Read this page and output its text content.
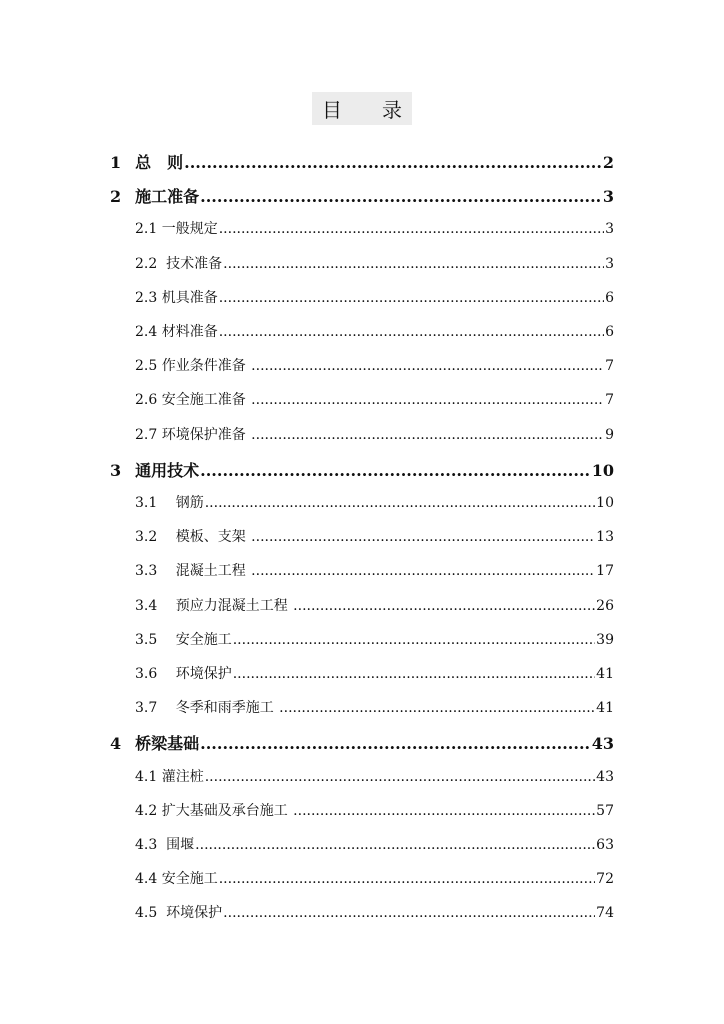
目　　录
1 总　则 .....	2
2 施工准备 .....	3
2.1 一般规定 .....	3
2.2 技术准备 .....	3
2.3 机具准备 .....	6
2.4 材料准备 .....	6
2.5 作业条件准备 .....	7
2.6 安全施工准备 .....	7
2.7 环境保护准备 .....	9
3 通用技术 .....	10
3.1 　钢筋 .....	10
3.2 　模板、支架 .....	13
3.3 　混凝土工程 .....	17
3.4 　预应力混凝土工程 .....	26
3.5 　安全施工 .....	39
3.6 　环境保护 .....	41
3.7 　冬季和雨季施工 .....	41
4 桥梁基础 .....	43
4.1 灌注桩 .....	43
4.2 扩大基础及承台施工 .....	57
4.3 围堰 .....	63
4.4 安全施工 .....	72
4.5 环境保护 .....	74
